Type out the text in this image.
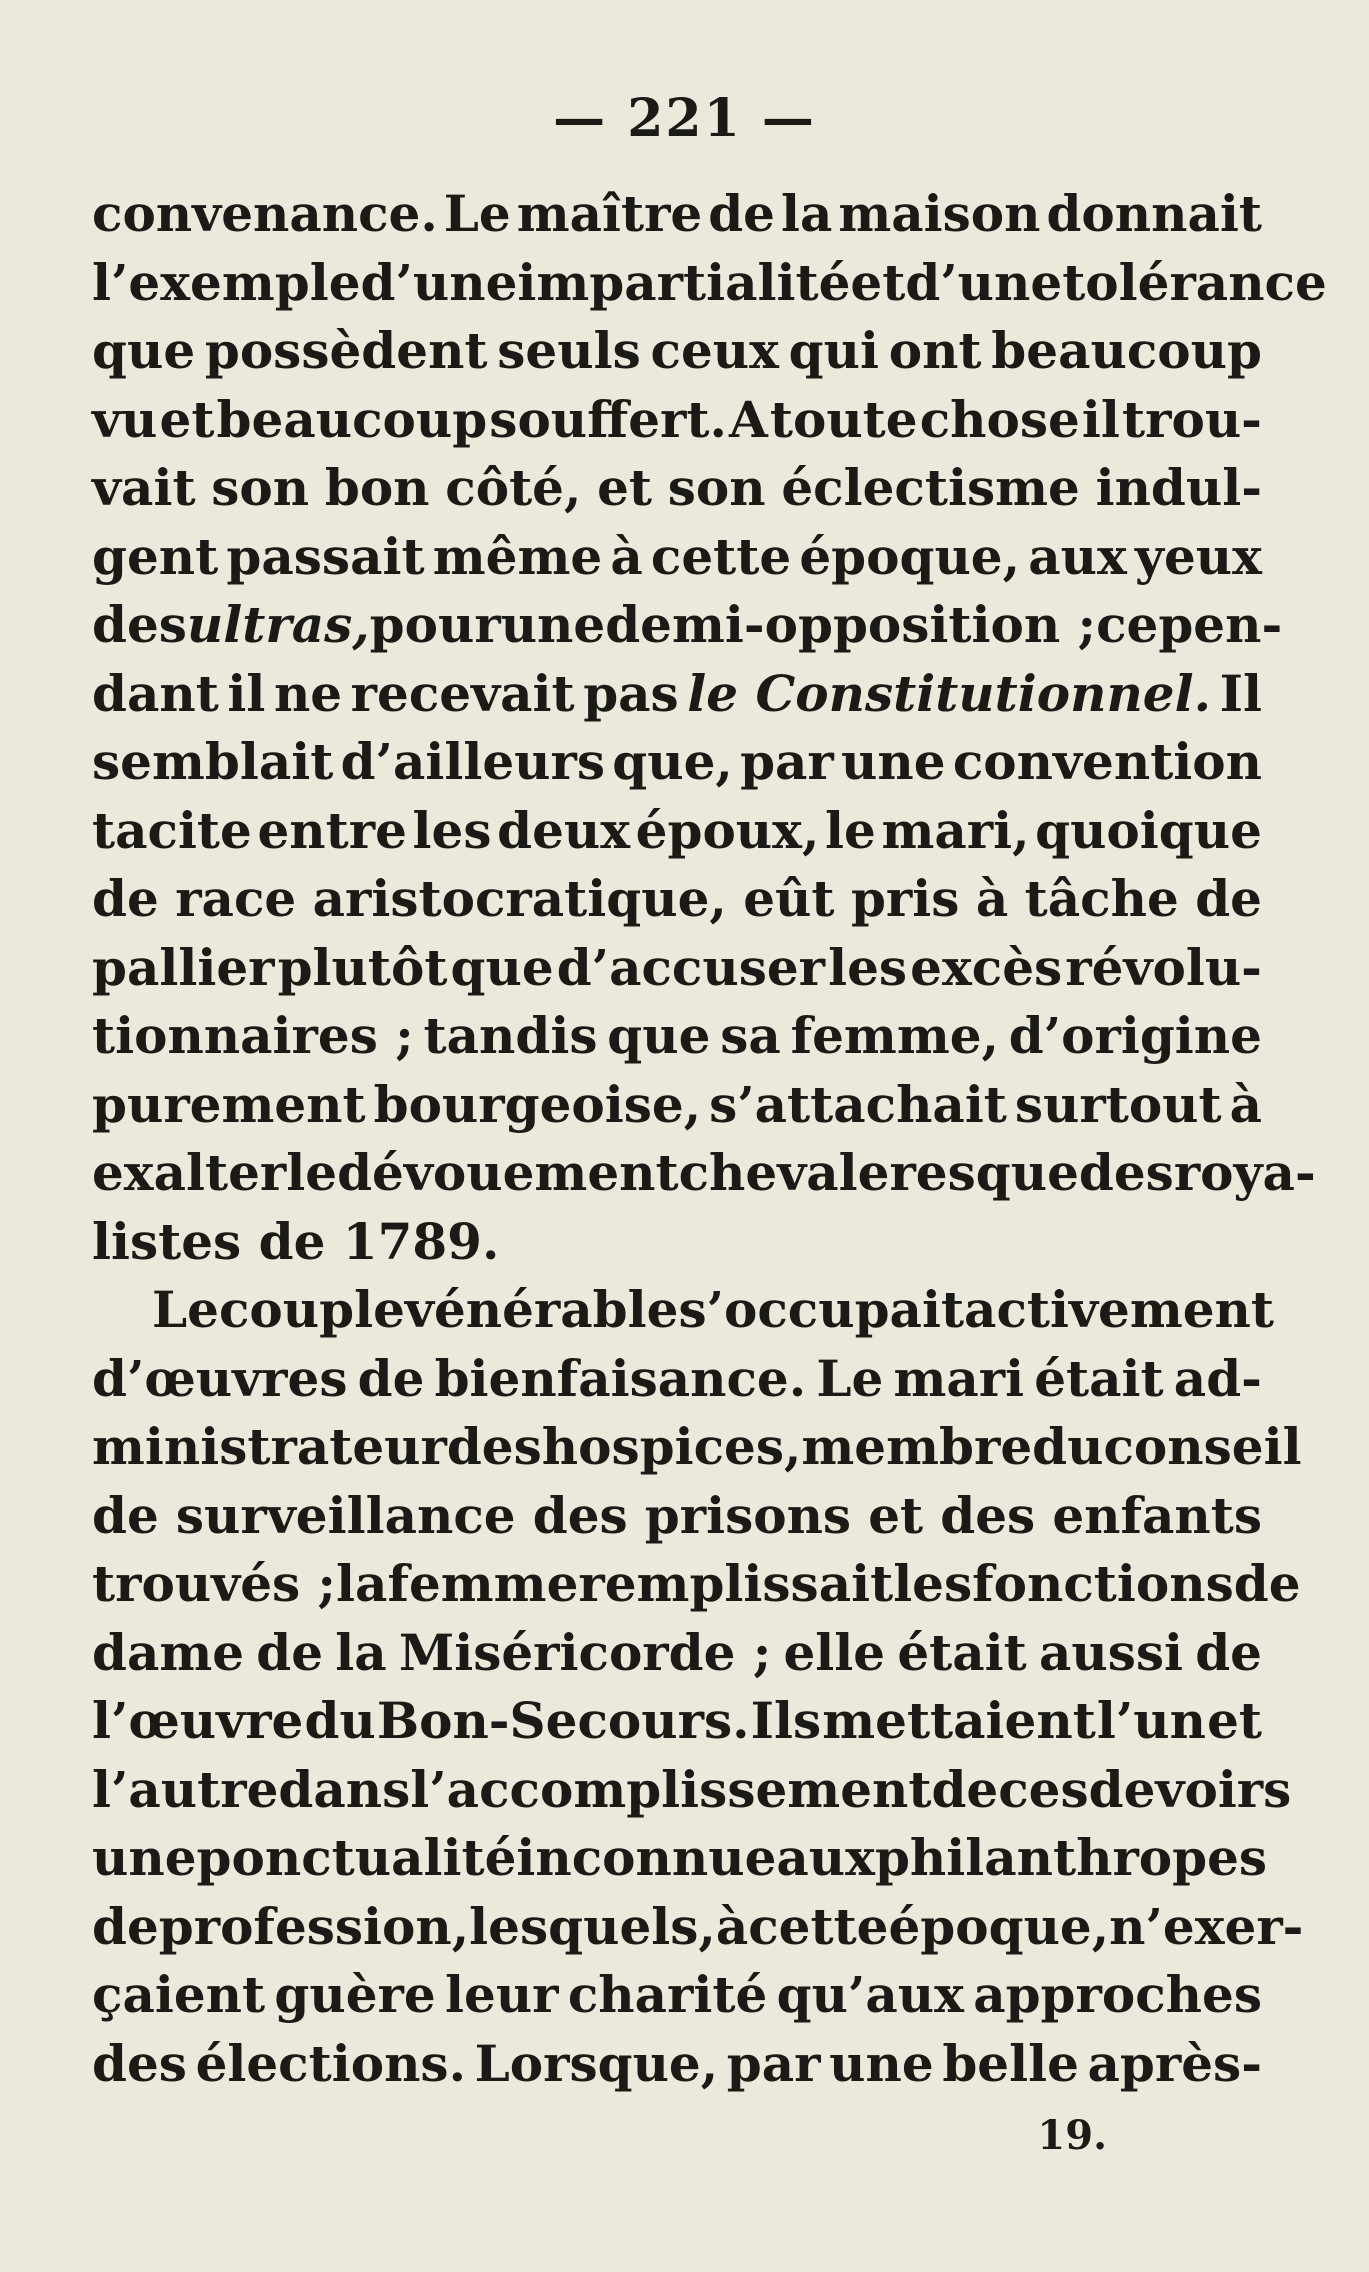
— 221 —
convenance. Le maître de la maison donnait
l’exemple d’une impartialité et d’une tolérance
que possèdent seuls ceux qui ont beaucoup
vu et beaucoup souffert. A toute chose il trou-
vait son bon côté, et son éclectisme indul-
gent passait même à cette époque, aux yeux
des ultras, pour une demi-opposition ; cepen-
dant il ne recevait pas le Constitutionnel. Il
semblait d’ailleurs que, par une convention
tacite entre les deux époux, le mari, quoique
de race aristocratique, eût pris à tâche de
pallier plutôt que d’accuser les excès révolu-
tionnaires ; tandis que sa femme, d’origine
purement bourgeoise, s’attachait surtout à
exalter le dévouement chevaleresque des roya-
listes de 1789.
Le couple vénérable s’occupait activement
d’œuvres de bienfaisance. Le mari était ad-
ministrateur des hospices, membre du conseil
de surveillance des prisons et des enfants
trouvés ; la femme remplissait les fonctions de
dame de la Miséricorde ; elle était aussi de
l’œuvre du Bon-Secours. Ils mettaient l’un et
l’autre dans l’accomplissement de ces devoirs
une ponctualité inconnue aux philanthropes
de profession, lesquels, à cette époque, n’exer-
çaient guère leur charité qu’aux approches
des élections. Lorsque, par une belle après-
19.
